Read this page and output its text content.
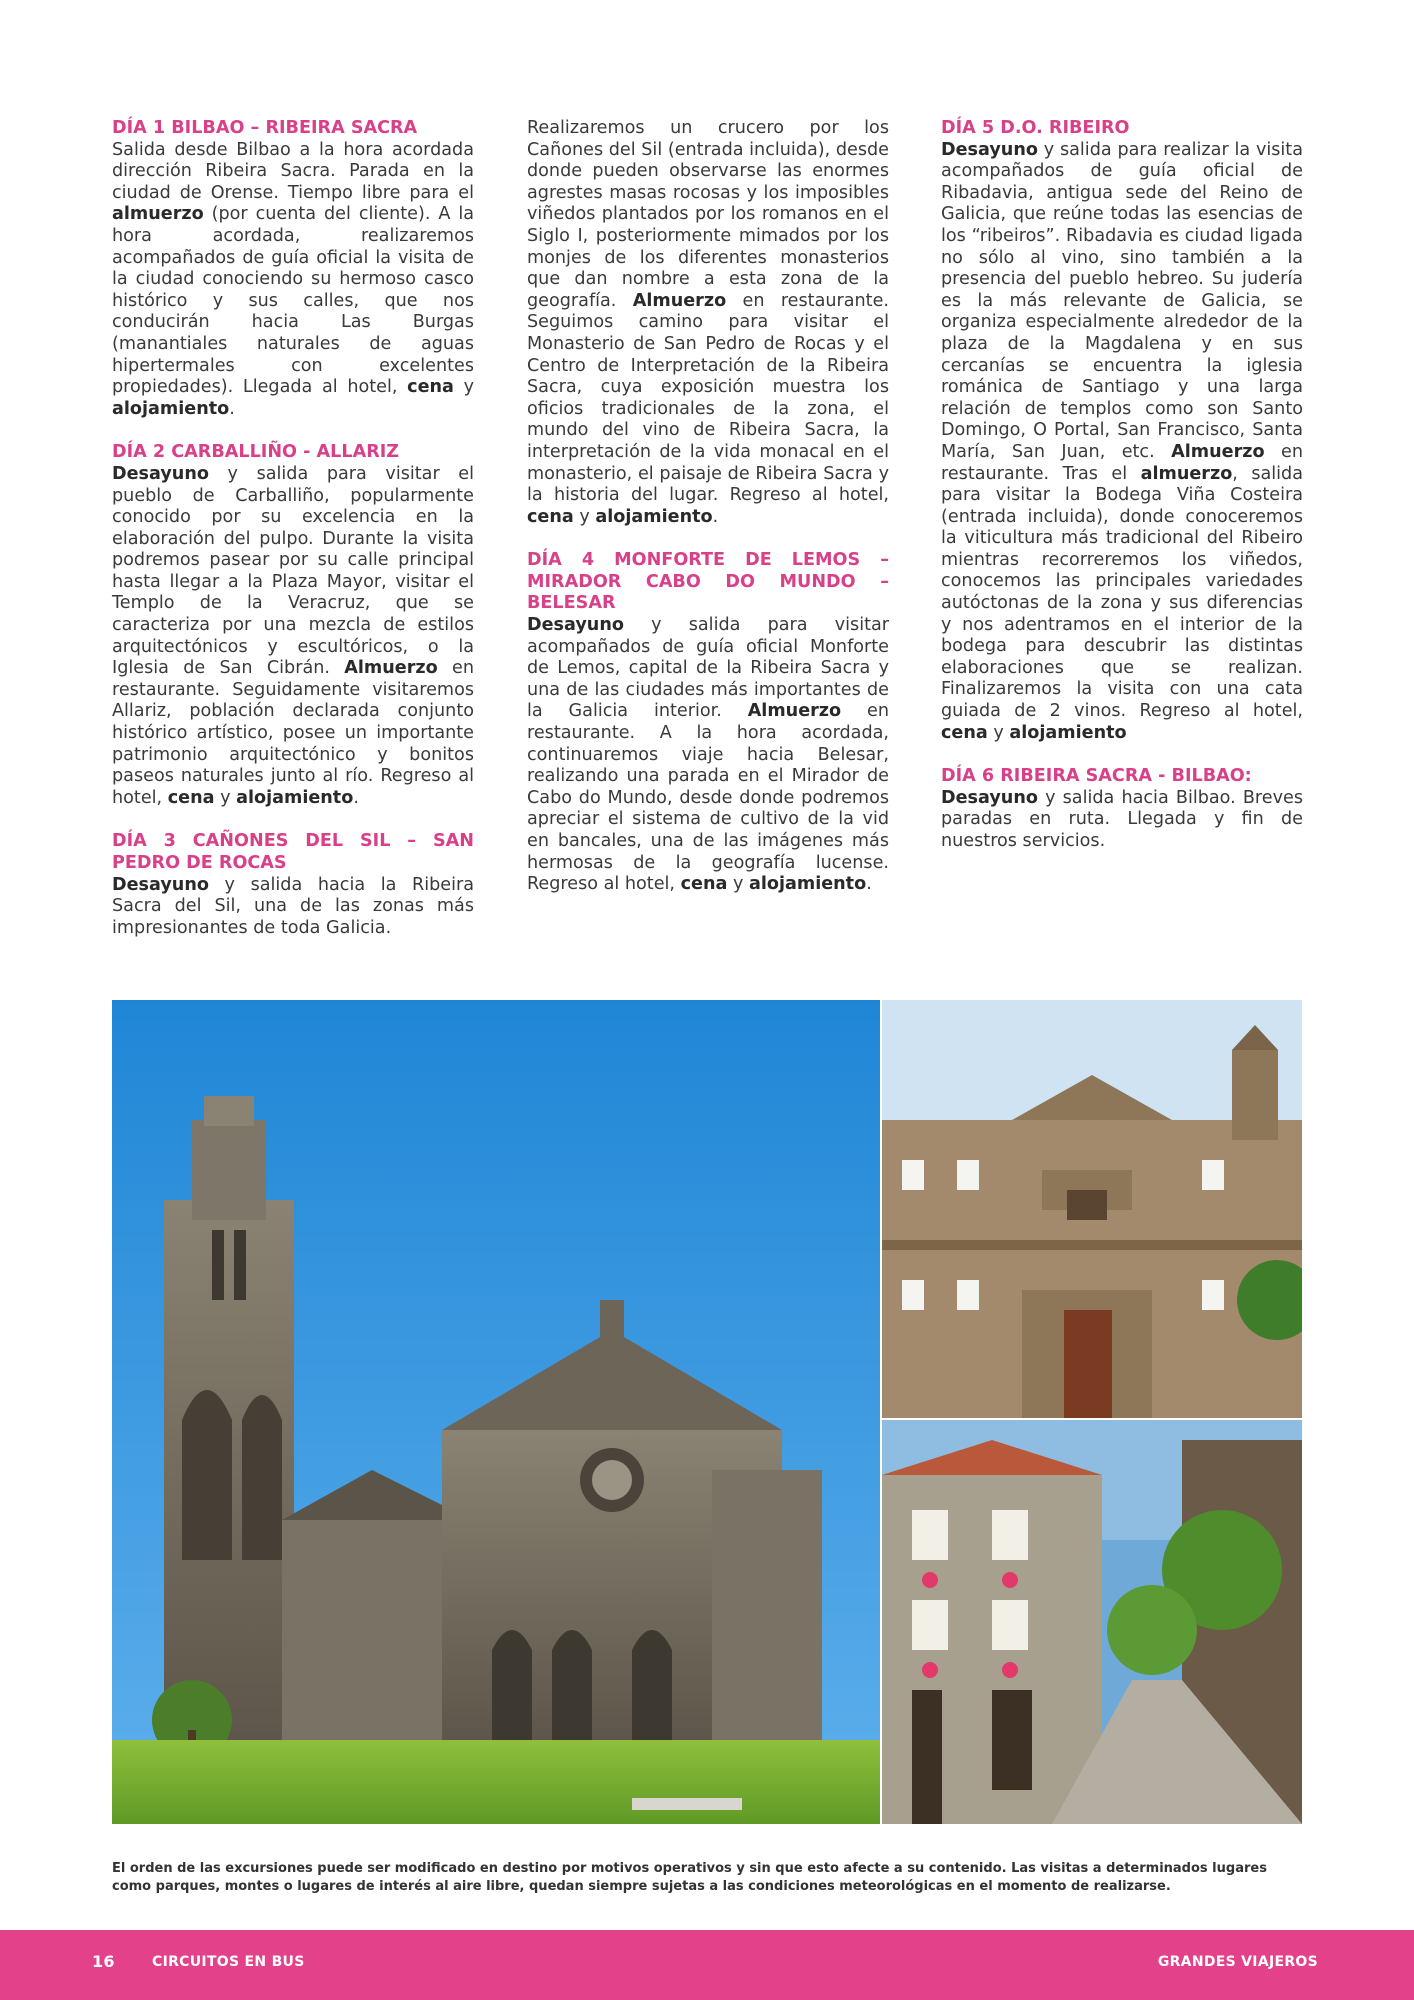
DÍA 1 BILBAO – RIBEIRA SACRA

Salida desde Bilbao a la hora acordada dirección Ribeira Sacra. Parada en la ciudad de Orense. Tiempo libre para el almuerzo (por cuenta del cliente). A la hora acordada, realizaremos acompañados de guía oficial la visita de la ciudad conociendo su hermoso casco histórico y sus calles, que nos conducirán hacia Las Burgas (manantiales naturales de aguas hipertermales con excelentes propiedades). Llegada al hotel, cena y alojamiento.

DÍA 2 CARBALLIÑO - ALLARIZ

Desayuno y salida para visitar el pueblo de Carballiño, popularmente conocido por su excelencia en la elaboración del pulpo. Durante la visita podremos pasear por su calle principal hasta llegar a la Plaza Mayor, visitar el Templo de la Veracruz, que se caracteriza por una mezcla de estilos arquitectónicos y escultóricos, o la Iglesia de San Cibrán. Almuerzo en restaurante. Seguidamente visitaremos Allariz, población declarada conjunto histórico artístico, posee un importante patrimonio arquitectónico y bonitos paseos naturales junto al río. Regreso al hotel, cena y alojamiento.

DÍA 3 CAÑONES DEL SIL – SAN PEDRO DE ROCAS

Desayuno y salida hacia la Ribeira Sacra del Sil, una de las zonas más impresionantes de toda Galicia.

Realizaremos un crucero por los Cañones del Sil (entrada incluida), desde donde pueden observarse las enormes agrestes masas rocosas y los imposibles viñedos plantados por los romanos en el Siglo I, posteriormente mimados por los monjes de los diferentes monasterios que dan nombre a esta zona de la geografía. Almuerzo en restaurante. Seguimos camino para visitar el Monasterio de San Pedro de Rocas y el Centro de Interpretación de la Ribeira Sacra, cuya exposición muestra los oficios tradicionales de la zona, el mundo del vino de Ribeira Sacra, la interpretación de la vida monacal en el monasterio, el paisaje de Ribeira Sacra y la historia del lugar. Regreso al hotel, cena y alojamiento.

DÍA 4 MONFORTE DE LEMOS – MIRADOR CABO DO MUNDO – BELESAR

Desayuno y salida para visitar acompañados de guía oficial Monforte de Lemos, capital de la Ribeira Sacra y una de las ciudades más importantes de la Galicia interior. Almuerzo en restaurante. A la hora acordada, continuaremos viaje hacia Belesar, realizando una parada en el Mirador de Cabo do Mundo, desde donde podremos apreciar el sistema de cultivo de la vid en bancales, una de las imágenes más hermosas de la geografía lucense. Regreso al hotel, cena y alojamiento.

DÍA 5 D.O. RIBEIRO

Desayuno y salida para realizar la visita acompañados de guía oficial de Ribadavia, antigua sede del Reino de Galicia, que reúne todas las esencias de los “ribeiros”. Ribadavia es ciudad ligada no sólo al vino, sino también a la presencia del pueblo hebreo. Su judería es la más relevante de Galicia, se organiza especialmente alrededor de la plaza de la Magdalena y en sus cercanías se encuentra la iglesia románica de Santiago y una larga relación de templos como son Santo Domingo, O Portal, San Francisco, Santa María, San Juan, etc. Almuerzo en restaurante. Tras el almuerzo, salida para visitar la Bodega Viña Costeira (entrada incluida), donde conoceremos la viticultura más tradicional del Ribeiro mientras recorreremos los viñedos, conocemos las principales variedades autóctonas de la zona y sus diferencias y nos adentramos en el interior de la bodega para descubrir las distintas elaboraciones que se realizan. Finalizaremos la visita con una cata guiada de 2 vinos. Regreso al hotel, cena y alojamiento

DÍA 6 RIBEIRA SACRA - BILBAO:

Desayuno y salida hacia Bilbao. Breves paradas en ruta. Llegada y fin de nuestros servicios.

El orden de las excursiones puede ser modificado en destino por motivos operativos y sin que esto afecte a su contenido. Las visitas a determinados lugares como parques, montes o lugares de interés al aire libre, quedan siempre sujetas a las condiciones meteorológicas en el momento de realizarse.

16	CIRCUITOS EN BUS	GRANDES VIAJEROS
